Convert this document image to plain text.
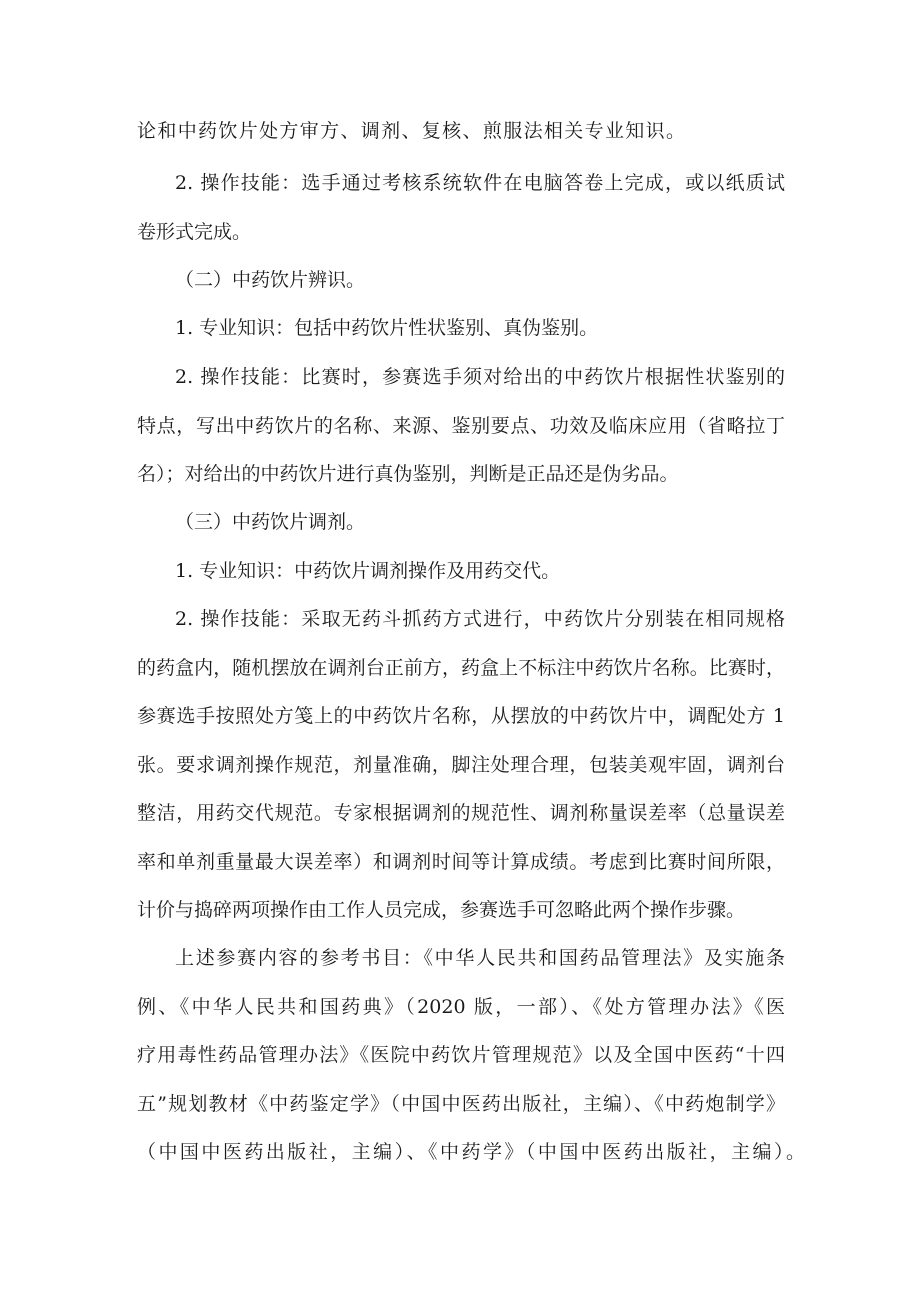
论和中药饮片处方审方、调剂、复核、煎服法相关专业知识。
2. 操作技能：选手通过考核系统软件在电脑答卷上完成，或以纸质试
卷形式完成。
（二）中药饮片辨识。
1. 专业知识：包括中药饮片性状鉴别、真伪鉴别。
2. 操作技能：比赛时，参赛选手须对给出的中药饮片根据性状鉴别的
特点，写出中药饮片的名称、来源、鉴别要点、功效及临床应用（省略拉丁
名）；对给出的中药饮片进行真伪鉴别，判断是正品还是伪劣品。
（三）中药饮片调剂。
1. 专业知识：中药饮片调剂操作及用药交代。
2. 操作技能：采取无药斗抓药方式进行，中药饮片分别装在相同规格
的药盒内，随机摆放在调剂台正前方，药盒上不标注中药饮片名称。比赛时，
参赛选手按照处方笺上的中药饮片名称，从摆放的中药饮片中，调配处方 1
张。要求调剂操作规范，剂量准确，脚注处理合理，包装美观牢固，调剂台
整洁，用药交代规范。专家根据调剂的规范性、调剂称量误差率（总量误差
率和单剂重量最大误差率）和调剂时间等计算成绩。考虑到比赛时间所限，
计价与捣碎两项操作由工作人员完成，参赛选手可忽略此两个操作步骤。
上述参赛内容的参考书目：《中华人民共和国药品管理法》及实施条
例、《中华人民共和国药典》（2020 版，一部）、《处方管理办法》《医
疗用毒性药品管理办法》《医院中药饮片管理规范》以及全国中医药“十四
五”规划教材《中药鉴定学》（中国中医药出版社，主编）、《中药炮制学》
（中国中医药出版社，主编）、《中药学》（中国中医药出版社，主编）。
